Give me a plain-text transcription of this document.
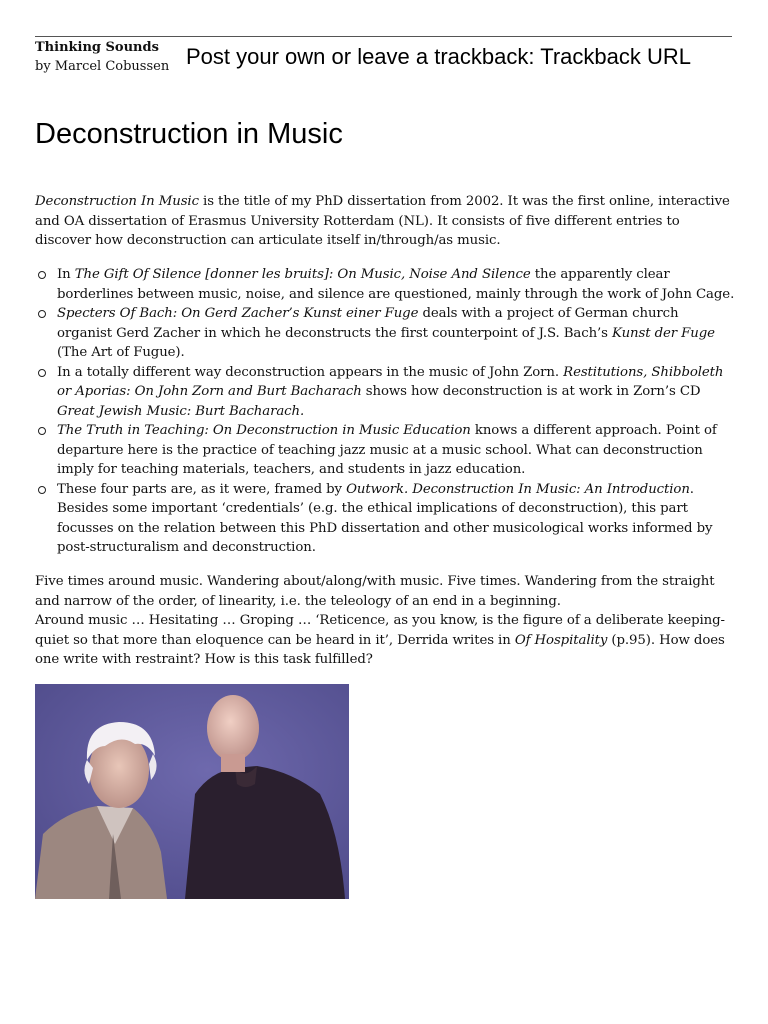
Thinking Sounds
by Marcel Cobussen Post your own or leave a trackback: Trackback URL
Deconstruction in Music

Deconstruction In Music is the title of my PhD dissertation from 2002. It was the first online, interactive and OA dissertation of Erasmus University Rotterdam (NL). It consists of five different entries to discover how deconstruction can articulate itself in/through/as music.

In The Gift Of Silence [donner les bruits]: On Music, Noise And Silence the apparently clear borderlines between music, noise, and silence are questioned, mainly through the work of John Cage.
Specters Of Bach: On Gerd Zacher’s Kunst einer Fuge deals with a project of German church organist Gerd Zacher in which he deconstructs the first counterpoint of J.S. Bach’s Kunst der Fuge (The Art of Fugue).
In a totally different way deconstruction appears in the music of John Zorn. Restitutions, Shibboleth or Aporias: On John Zorn and Burt Bacharach shows how deconstruction is at work in Zorn’s CD Great Jewish Music: Burt Bacharach.
The Truth in Teaching: On Deconstruction in Music Education knows a different approach. Point of departure here is the practice of teaching jazz music at a music school. What can deconstruction imply for teaching materials, teachers, and students in jazz education.
These four parts are, as it were, framed by Outwork. Deconstruction In Music: An Introduction. Besides some important ‘credentials’ (e.g. the ethical implications of deconstruction), this part focusses on the relation between this PhD dissertation and other musicological works informed by post-structuralism and deconstruction.

Five times around music. Wandering about/along/with music. Five times. Wandering from the straight and narrow of the order, of linearity, i.e. the teleology of an end in a beginning.
Around music … Hesitating … Groping … ‘Reticence, as you know, is the figure of a deliberate keeping-quiet so that more than eloquence can be heard in it’, Derrida writes in Of Hospitality (p.95). How does one write with restraint? How is this task fulfilled?
